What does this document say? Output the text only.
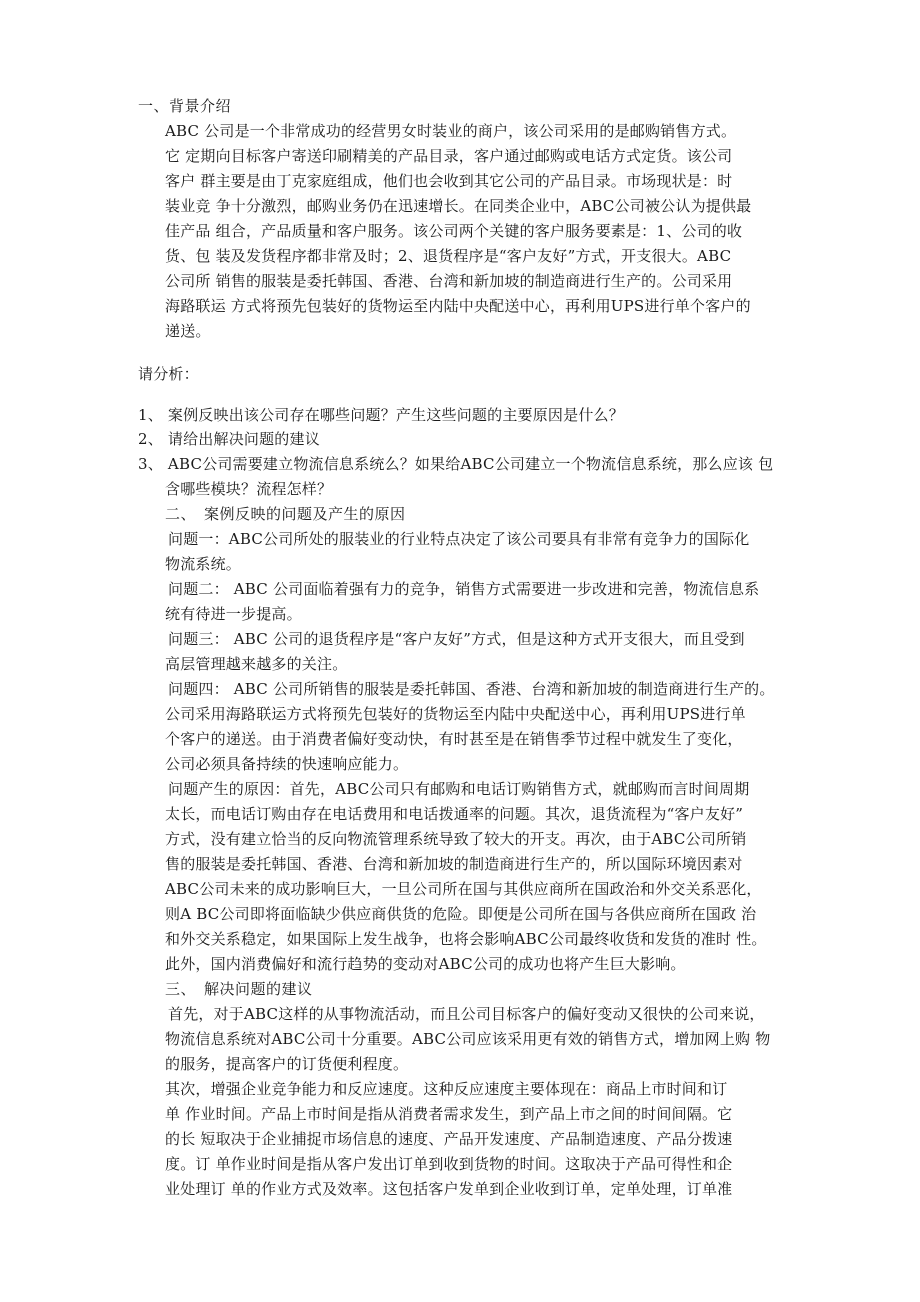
一、背景介绍
ABC 公司是一个非常成功的经营男女时装业的商户，该公司采用的是邮购销售方式。
它 定期向目标客户寄送印刷精美的产品目录，客户通过邮购或电话方式定货。该公司
客户 群主要是由丁克家庭组成，他们也会收到其它公司的产品目录。市场现状是：时
装业竞 争十分激烈，邮购业务仍在迅速增长。在同类企业中，ABC公司被公认为提供最
佳产品 组合，产品质量和客户服务。该公司两个关键的客户服务要素是：1、公司的收
货、包 装及发货程序都非常及时；2、退货程序是“客户友好”方式，开支很大。ABC
公司所 销售的服装是委托韩国、香港、台湾和新加坡的制造商进行生产的。公司采用
海路联运 方式将预先包装好的货物运至内陆中央配送中心，再利用UPS进行单个客户的
递送。
请分析：
1、 案例反映出该公司存在哪些问题？产生这些问题的主要原因是什么？
2、 请给出解决问题的建议
3、 ABC公司需要建立物流信息系统么？如果给ABC公司建立一个物流信息系统，那么应该 包
含哪些模块？流程怎样？
二、　案例反映的问题及产生的原因
问题一：ABC公司所处的服装业的行业特点决定了该公司要具有非常有竞争力的国际化
物流系统。
问题二： ABC 公司面临着强有力的竞争，销售方式需要进一步改进和完善，物流信息系
统有待进一步提高。
问题三： ABC 公司的退货程序是“客户友好”方式，但是这种方式开支很大，而且受到
高层管理越来越多的关注。
问题四： ABC 公司所销售的服装是委托韩国、香港、台湾和新加坡的制造商进行生产的。
公司采用海路联运方式将预先包装好的货物运至内陆中央配送中心，再利用UPS进行单
个客户的递送。由于消费者偏好变动快，有时甚至是在销售季节过程中就发生了变化，
公司必须具备持续的快速响应能力。
问题产生的原因：首先，ABC公司只有邮购和电话订购销售方式，就邮购而言时间周期
太长，而电话订购由存在电话费用和电话拨通率的问题。其次，退货流程为“客户友好”
方式，没有建立恰当的反向物流管理系统导致了较大的开支。再次，由于ABC公司所销
售的服装是委托韩国、香港、台湾和新加坡的制造商进行生产的，所以国际环境因素对
ABC公司未来的成功影响巨大，一旦公司所在国与其供应商所在国政治和外交关系恶化，
则A BC公司即将面临缺少供应商供货的危险。即便是公司所在国与各供应商所在国政 治
和外交关系稳定，如果国际上发生战争，也将会影响ABC公司最终收货和发货的准时 性。
此外，国内消费偏好和流行趋势的变动对ABC公司的成功也将产生巨大影响。
三、　解决问题的建议
首先，对于ABC这样的从事物流活动，而且公司目标客户的偏好变动又很快的公司来说，
物流信息系统对ABC公司十分重要。ABC公司应该采用更有效的销售方式，增加网上购 物
的服务，提高客户的订货便利程度。
其次，增强企业竞争能力和反应速度。这种反应速度主要体现在：商品上市时间和订
单 作业时间。产品上市时间是指从消费者需求发生，到产品上市之间的时间间隔。它
的长 短取决于企业捕捉市场信息的速度、产品开发速度、产品制造速度、产品分拨速
度。订 单作业时间是指从客户发出订单到收到货物的时间。这取决于产品可得性和企
业处理订 单的作业方式及效率。这包括客户发单到企业收到订单，定单处理，订单准
